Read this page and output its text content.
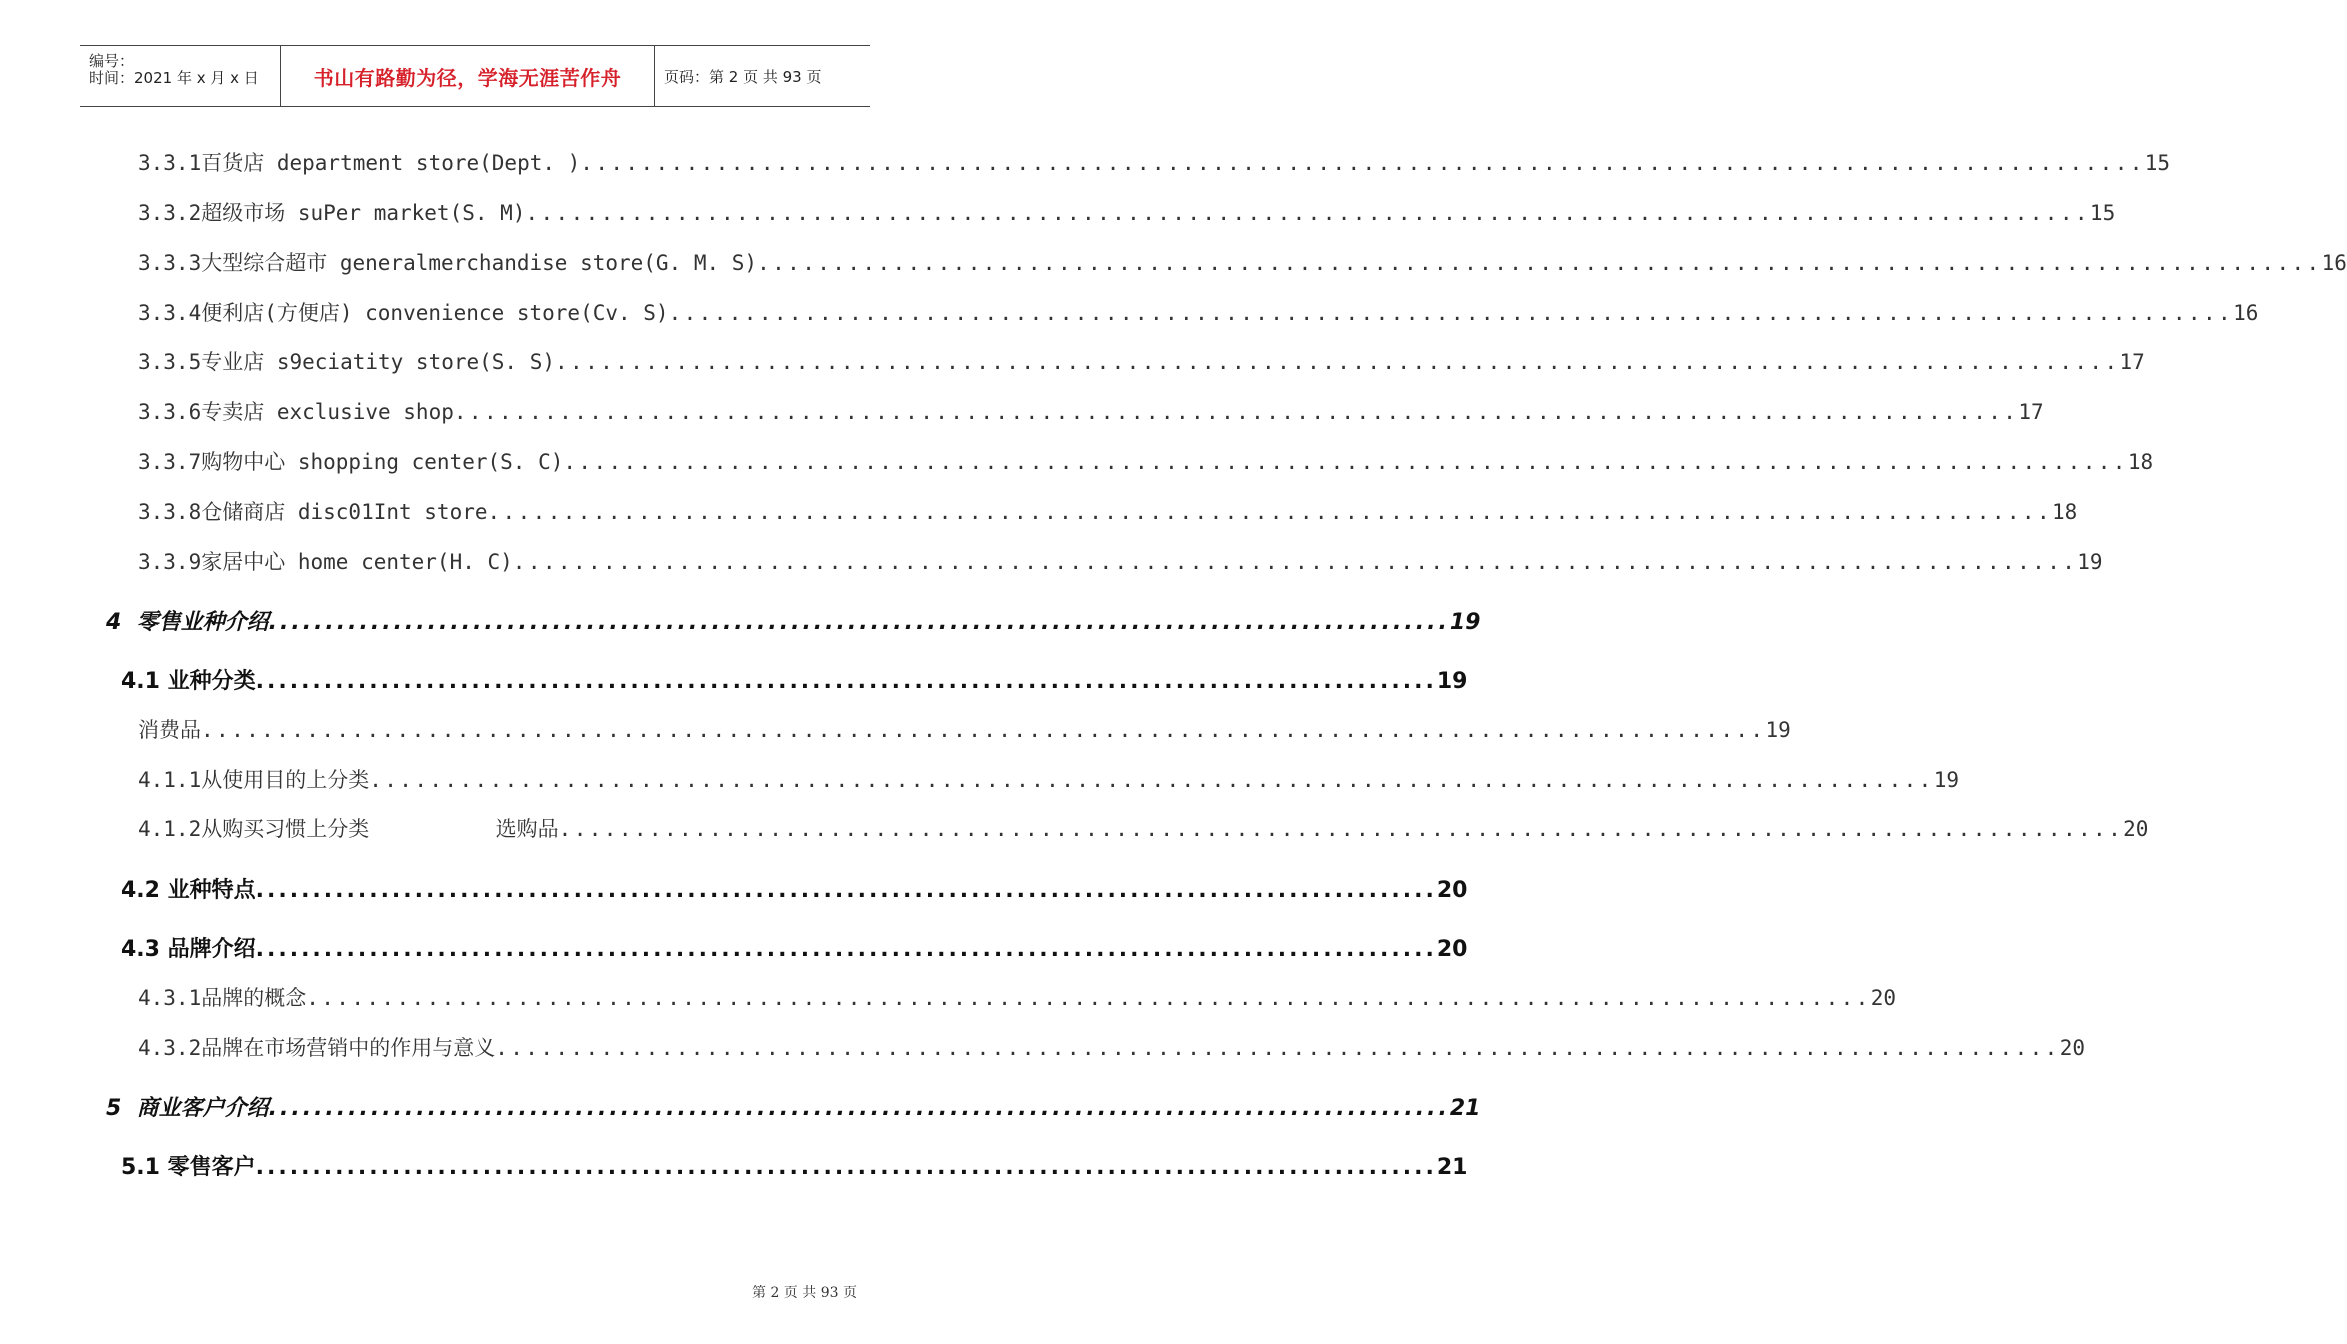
编号：
时间：2021 年 x 月 x 日	书山有路勤为径，学海无涯苦作舟	页码：第 2 页 共 93 页
3.3.1百货店 department store(Dept. ) ........................................................................................................ 15
3.3.2超级市场 suPer market(S. M) ........................................................................................................ 15
3.3.3大型综合超市 generalmerchandise store(G. M. S) ........................................................................................................ 16
3.3.4便利店(方便店) convenience store(Cv. S) ........................................................................................................ 16
3.3.5专业店 s9eciatity store(S. S) ........................................................................................................ 17
3.3.6专卖店 exclusive shop ........................................................................................................ 17
3.3.7购物中心 shopping center(S. C) ........................................................................................................ 18
3.3.8仓储商店 disc01Int store ........................................................................................................ 18
3.3.9家居中心 home center(H. C) ........................................................................................................ 19
4  零售业种介绍 ........................................................................................................ 19
4.1 业种分类 ........................................................................................................ 19
消费品 ........................................................................................................ 19
4.1.1从使用目的上分类 ........................................................................................................ 19
4.1.2从购买习惯上分类          选购品 ........................................................................................................ 20
4.2 业种特点 ........................................................................................................ 20
4.3 品牌介绍 ........................................................................................................ 20
4.3.1品牌的概念 ........................................................................................................ 20
4.3.2品牌在市场营销中的作用与意义 ........................................................................................................ 20
5  商业客户介绍 ........................................................................................................ 21
5.1 零售客户 ........................................................................................................ 21
第 2 页 共 93 页
